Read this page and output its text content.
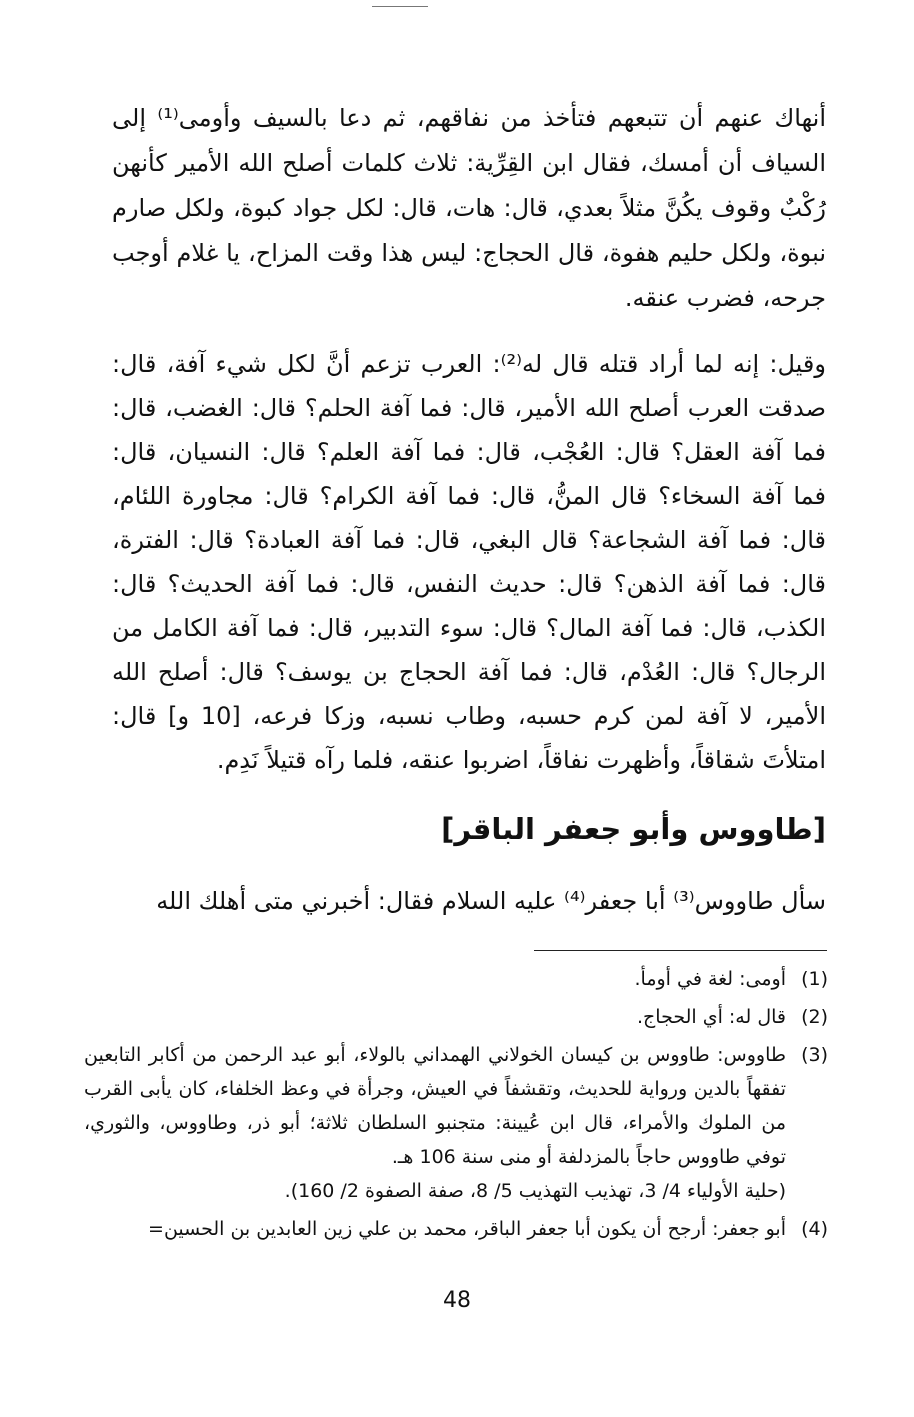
أنهاك عنهم أن تتبعهم فتأخذ من نفاقهم، ثم دعا بالسيف وأومى⁽¹⁾ إلى السياف أن أمسك، فقال ابن القِرِّية: ثلاث كلمات أصلح الله الأمير كأنهن رُكْبٌ وقوف يكُنَّ مثلاً بعدي، قال: هات، قال: لكل جواد كبوة، ولكل صارم نبوة، ولكل حليم هفوة، قال الحجاج: ليس هذا وقت المزاح، يا غلام أوجب جرحه، فضرب عنقه.

وقيل: إنه لما أراد قتله قال له⁽²⁾: العرب تزعم أنَّ لكل شيء آفة، قال: صدقت العرب أصلح الله الأمير، قال: فما آفة الحلم؟ قال: الغضب، قال: فما آفة العقل؟ قال: العُجْب، قال: فما آفة العلم؟ قال: النسيان، قال: فما آفة السخاء؟ قال المنُّ، قال: فما آفة الكرام؟ قال: مجاورة اللئام، قال: فما آفة الشجاعة؟ قال البغي، قال: فما آفة العبادة؟ قال: الفترة، قال: فما آفة الذهن؟ قال: حديث النفس، قال: فما آفة الحديث؟ قال: الكذب، قال: فما آفة المال؟ قال: سوء التدبير، قال: فما آفة الكامل من الرجال؟ قال: العُدْم، قال: فما آفة الحجاج بن يوسف؟ قال: أصلح الله الأمير، لا آفة لمن كرم حسبه، وطاب نسبه، وزكا فرعه، [10 و] قال: امتلأتَ شقاقاً، وأظهرت نفاقاً، اضربوا عنقه، فلما رآه قتيلاً نَدِم.

[طاووس وأبو جعفر الباقر]

سأل طاووس⁽³⁾ أبا جعفر⁽⁴⁾ عليه السلام فقال: أخبرني متى أهلك الله

(1)
أومى: لغة في أومأ.
(2)
قال له: أي الحجاج.
(3)
طاووس: طاووس بن كيسان الخولاني الهمداني بالولاء، أبو عبد الرحمن من أكابر التابعين تفقهاً بالدين ورواية للحديث، وتقشفاً في العيش، وجرأة في وعظ الخلفاء، كان يأبى القرب من الملوك والأمراء، قال ابن عُيينة: متجنبو السلطان ثلاثة؛ أبو ذر، وطاووس، والثوري، توفي طاووس حاجاً بالمزدلفة أو منى سنة 106 هـ.
(حلية الأولياء 4/ 3، تهذيب التهذيب 5/ 8، صفة الصفوة 2/ 160).
(4)
أبو جعفر: أرجح أن يكون أبا جعفر الباقر، محمد بن علي زين العابدين بن الحسين=
48
